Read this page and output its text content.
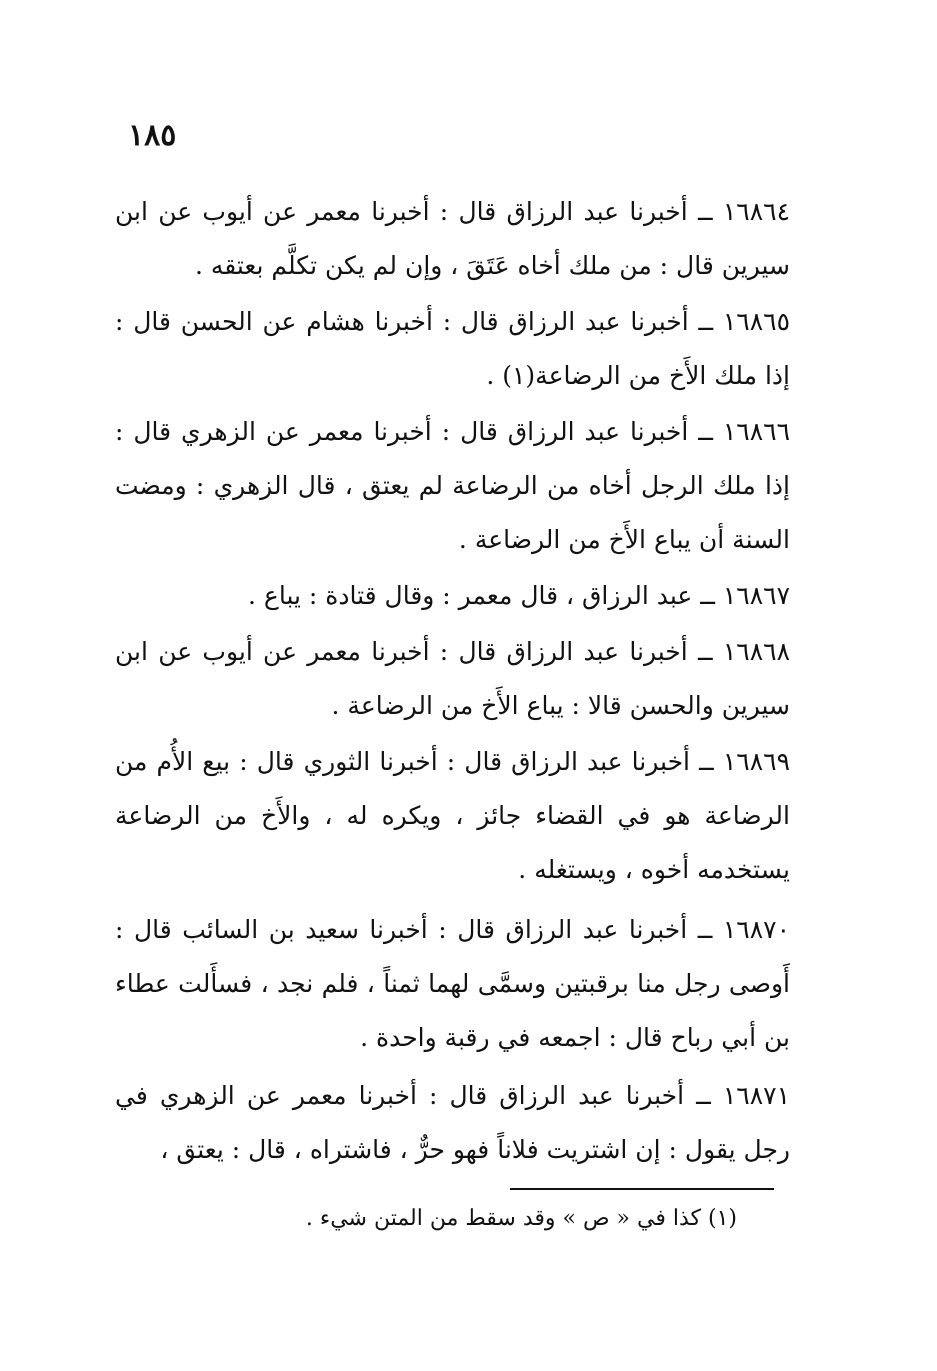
١٨٥

١٦٨٦٤ ــ أخبرنا عبد الرزاق قال : أخبرنا معمر عن أيوب عن ابن سيرين قال : من ملك أخاه عَتَقَ ، وإن لم يكن تكلَّم بعتقه .

١٦٨٦٥ ــ أخبرنا عبد الرزاق قال : أخبرنا هشام عن الحسن قال : إذا ملك الأَخ من الرضاعة(١) .

١٦٨٦٦ ــ أخبرنا عبد الرزاق قال : أخبرنا معمر عن الزهري قال : إذا ملك الرجل أخاه من الرضاعة لم يعتق ، قال الزهري : ومضت السنة أن يباع الأَخ من الرضاعة .

١٦٨٦٧ ــ عبد الرزاق ، قال معمر : وقال قتادة : يباع .

١٦٨٦٨ ــ أخبرنا عبد الرزاق قال : أخبرنا معمر عن أيوب عن ابن سيرين والحسن قالا : يباع الأَخ من الرضاعة .

١٦٨٦٩ ــ أخبرنا عبد الرزاق قال : أخبرنا الثوري قال : بيع الأُم من الرضاعة هو في القضاء جائز ، ويكره له ، والأَخ من الرضاعة يستخدمه أخوه ، ويستغله .

١٦٨٧٠ ــ أخبرنا عبد الرزاق قال : أخبرنا سعيد بن السائب قال : أَوصى رجل منا برقبتين وسمَّى لهما ثمناً ، فلم نجد ، فسأَلت عطاء بن أبي رباح قال : اجمعه في رقبة واحدة .

١٦٨٧١ ــ أخبرنا عبد الرزاق قال : أخبرنا معمر عن الزهري في رجل يقول : إن اشتريت فلاناً فهو حرٌّ ، فاشتراه ، قال : يعتق ،

(١) كذا في « ص » وقد سقط من المتن شيء .
